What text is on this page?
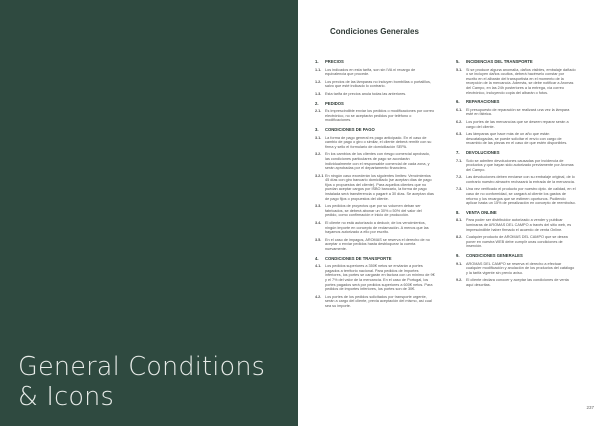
General Conditions
& Icons
Condiciones Generales
1.	PRECIOS
1.1. Los indicados en esta tarifa, son sin IVA ni recargo de equivalencia que procede.
1.2. Los precios de las lámparas no incluyen bombillas o portalillos, salvo que esté indicado lo contrario.
1.3. Esta tarifa de precios anula todas las anteriores.
2.	PEDIDOS
2.1. Es imprescindible enviar los pedidos o modificaciones por correo electrónico, no se aceptarán pedidos por teléfono o modificaciones.
3.	CONDICIONES DE PAGO
3.1. La forma de pago general es pago anticipado. En el caso de cambio de pago o giro o similar, el cliente deberá remitir con su firma y sello el formulario de domiciliación SEPA.
3.2. En los cambios de los clientes con riesgo comercial aprobado, las condiciones particulares de pago se acordarán individualmente con el responsable comercial de cada zona, y serán aprobadas por el departamento financiero.
3.2.1 En ningún caso excederán los siguientes límites: Vencimientos 45 días con giro bancario domiciliado (se aceptan días de pago fijos o propuestos del cliente). Para aquellos clientes que no puedan aceptar cargos por ISBO bancario, la forma de pago instalada será transferencia o pagaré a 30 días. Se aceptan días de pago fijos o propuestos del cliente.
3.3. Los pedidos de proyectos que por su volumen deban ser fabricados, se deberá abonar un 30% o 50% del valor del pedido, como confirmación e inicio de producción.
3.4. El cliente no está autorizado a deducir, de los vencimientos, ningún importe en concepto de reclamación. A menos que las hayamos autorizado a ello por escrito.
3.5. En el caso de impagos, AROMAS se reserva el derecho de no aceptar o enviar pedidos hasta desbloquear la cuenta nuevamente.
4.	CONDICIONES DE TRANSPORTE
4.1. Los pedidos superiores a 350€ netos se enviarán a portes pagados a territorio nacional. Para pedidos de Importes inferiores, los portes se cargarán en factura con un mínimo de 9€ y el 7% del valor de la mercancía. En el caso de Portugal, los portes pagados será por pedidos superiores a 600€ netos. Para pedidos de importes inferiores, los portes son de 30€.
4.2. Los portes de los pedidos solicitados por transporte urgente, serán a cargo del cliente, previa aceptación del mismo, así cual sea su importe.
5.	INCIDENCIAS DEL TRANSPORTE
5.1. Si se produce alguna anomalía, daños visibles, embalaje dañado o se incluyen daños ocultos, deberá hacérselo constar por escrito en el albarán del transportista en el momento de la recepción de la mercancía. Además, se debe notificar a Aromas del Campo, en las 24h posteriores a la entrega, vía correo electrónico, incluyendo copia del albarán o fotos.
6.	REPARACIONES
6.1. El presupuesto de reparación se realizará una vez la lámpara esté en fábrica.
6.2. Los portes de las mercancías que se deseen reparar serán a cargo del cliente.
6.3. Las lámparas que hace más de un año que están descatalogadas, se puede solicitar el envío con cargo de recambio de las piezas en el caso de que estén disponibles.
7.	DEVOLUCIONES
7.1. Solo se admiten devoluciones causadas por incidencia de productos y que hayan sido autorizado previamente por Aromas del Campo.
7.2. Las devoluciones deben enviarse con su embalaje original, de lo contrario nuestro almacén rechazará la entrada de la mercancía.
7.3. Una vez verificado el producto por nuestro dpto. de calidad, en el caso de no conformidad, se cargará al cliente los gastos de retorno y los recargos que se estimen oportunos. Pudiendo aplicar hasta un 15% de penalización en concepto de reembolso.
8.	VENTA ONLINE
8.1. Para poder ser distribuidor autorizado a vender y publicar lumínaras de AROMAS DEL CAMPO a través del sitio web, es imprescindible haber firmado el acuerdo de venta Online.
8.2. Cualquier producto de AROMAS DEL CAMPO que se desea poner en vuestra WEB debe cumplir unas condiciones de inserción.
9.	CONDICIONES GENERALES
9.1. AROMAS DEL CAMPO se reserva el derecho a efectuar cualquier modificación y anulación de los productos del catálogo y la tarifa vigente sin previo aviso.
9.2. El cliente declara conocer y aceptar las condiciones de venta aquí descritas.
237
